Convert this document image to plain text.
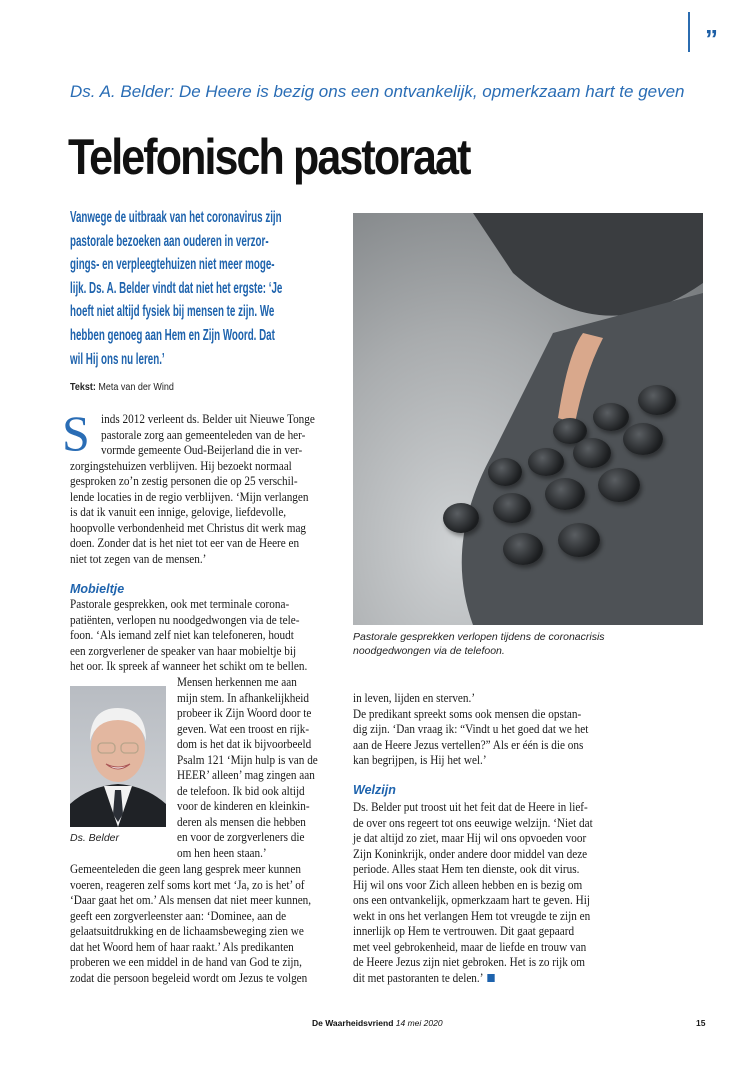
”
Ds. A. Belder: De Heere is bezig ons een ontvankelijk, opmerkzaam hart te geven
Telefonisch pastoraat
Vanwege de uitbraak van het coronavirus zijn
pastorale bezoeken aan ouderen in verzor-
gings- en verpleegtehuizen niet meer moge-
lijk. Ds. A. Belder vindt dat niet het ergste: ‘Je
hoeft niet altijd fysiek bij mensen te zijn. We
hebben genoeg aan Hem en Zijn Woord. Dat
wil Hij ons nu leren.’
Tekst: Meta van der Wind
S inds 2012 verleent ds. Belder uit Nieuwe Tonge
pastorale zorg aan gemeenteleden van de her-
vormde gemeente Oud-Beijerland die in ver-
zorgingstehuizen verblijven. Hij bezoekt normaal
gesproken zo’n zestig personen die op 25 verschil-
lende locaties in de regio verblijven. ‘Mijn verlangen
is dat ik vanuit een innige, gelovige, liefdevolle,
hoopvolle verbondenheid met Christus dit werk mag
doen. Zonder dat is het niet tot eer van de Heere en
niet tot zegen van de mensen.’
Mobieltje
Pastorale gesprekken, ook met terminale corona-
patiënten, verlopen nu noodgedwongen via de tele-
foon. ‘Als iemand zelf niet kan telefoneren, houdt
een zorgverlener de speaker van haar mobieltje bij
het oor. Ik spreek af wanneer het schikt om te bellen.
Ds. Belder
Mensen herkennen me aan
mijn stem. In afhankelijkheid
probeer ik Zijn Woord door te
geven. Wat een troost en rijk-
dom is het dat ik bijvoorbeeld
Psalm 121 ‘Mijn hulp is van de
HEER’ alleen’ mag zingen aan
de telefoon. Ik bid ook altijd
voor de kinderen en kleinkin-
deren als mensen die hebben
en voor de zorgverleners die
om hen heen staan.’
Gemeenteleden die geen lang gesprek meer kunnen
voeren, reageren zelf soms kort met ‘Ja, zo is het’ of
‘Daar gaat het om.’ Als mensen dat niet meer kunnen,
geeft een zorgverleenster aan: ‘Dominee, aan de
gelaatsuitdrukking en de lichaamsbeweging zien we
dat het Woord hem of haar raakt.’ Als predikanten
proberen we een middel in de hand van God te zijn,
zodat die persoon begeleid wordt om Jezus te volgen
Pastorale gesprekken verlopen tijdens de coronacrisis noodgedwongen via de telefoon.
in leven, lijden en sterven.’
De predikant spreekt soms ook mensen die opstan-
dig zijn. ‘Dan vraag ik: “Vindt u het goed dat we het
aan de Heere Jezus vertellen?” Als er één is die ons
kan begrijpen, is Hij het wel.’
Welzijn
Ds. Belder put troost uit het feit dat de Heere in lief-
de over ons regeert tot ons eeuwige welzijn. ‘Niet dat
je dat altijd zo ziet, maar Hij wil ons opvoeden voor
Zijn Koninkrijk, onder andere door middel van deze
periode. Alles staat Hem ten dienste, ook dit virus.
Hij wil ons voor Zich alleen hebben en is bezig om
ons een ontvankelijk, opmerkzaam hart te geven. Hij
wekt in ons het verlangen Hem tot vreugde te zijn en
innerlijk op Hem te vertrouwen. Dit gaat gepaard
met veel gebrokenheid, maar de liefde en trouw van
de Heere Jezus zijn niet gebroken. Het is zo rijk om
dit met pastoranten te delen.’
De Waarheidsvriend 14 mei 2020	15
